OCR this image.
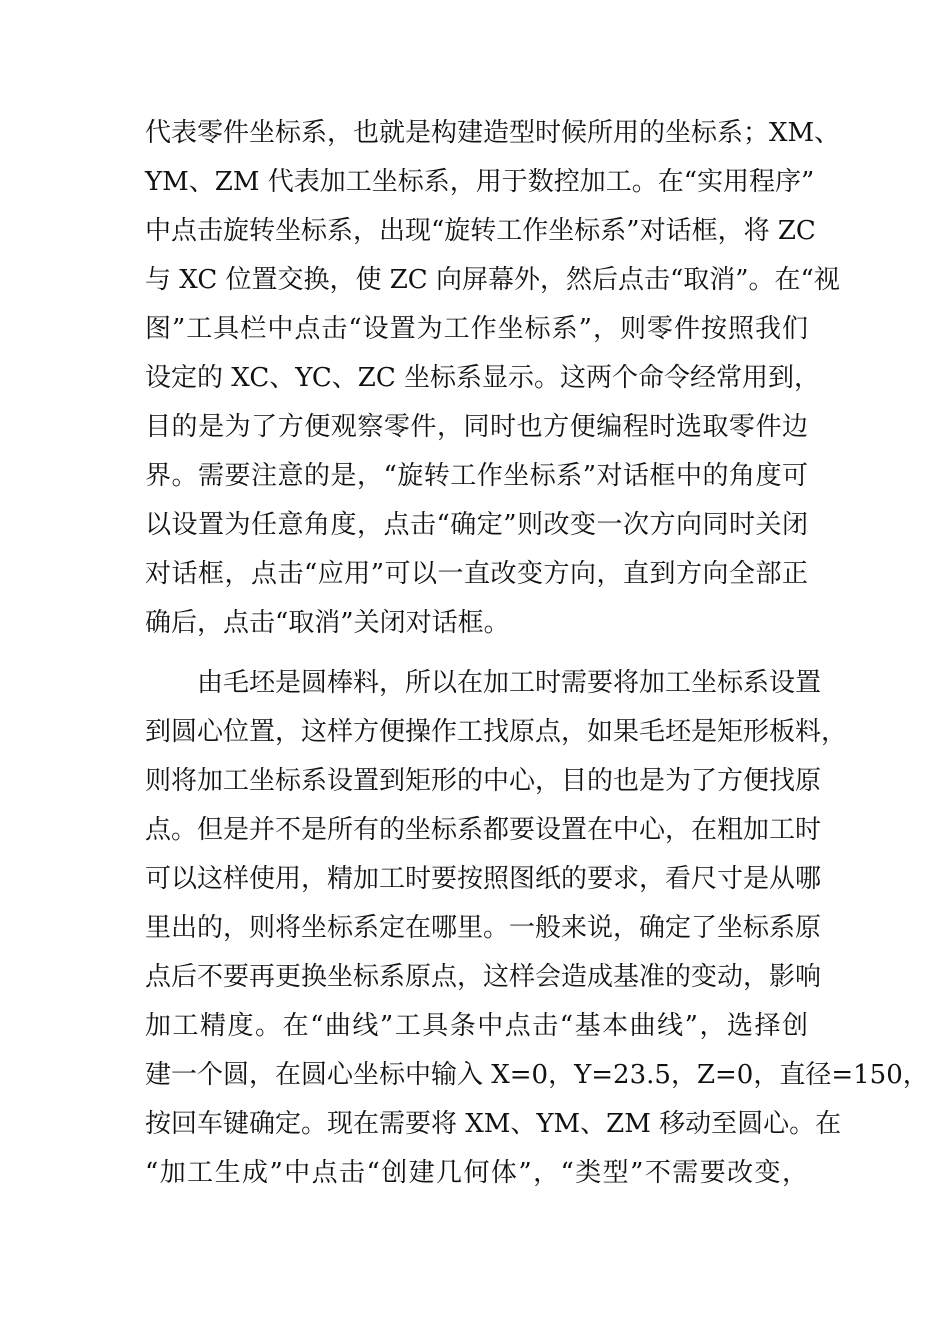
代表零件坐标系，也就是构建造型时候所用的坐标系；XM、
YM、ZM 代表加工坐标系，用于数控加工。在“实用程序”
中点击旋转坐标系，出现“旋转工作坐标系”对话框，将 ZC
与 XC 位置交换，使 ZC 向屏幕外，然后点击“取消”。在“视
图”工具栏中点击“设置为工作坐标系”，则零件按照我们
设定的 XC、YC、ZC 坐标系显示。这两个命令经常用到，
目的是为了方便观察零件，同时也方便编程时选取零件边
界。需要注意的是，“旋转工作坐标系”对话框中的角度可
以设置为任意角度，点击“确定”则改变一次方向同时关闭
对话框，点击“应用”可以一直改变方向，直到方向全部正
确后，点击“取消”关闭对话框。
由毛坯是圆棒料，所以在加工时需要将加工坐标系设置
到圆心位置，这样方便操作工找原点，如果毛坯是矩形板料，
则将加工坐标系设置到矩形的中心，目的也是为了方便找原
点。但是并不是所有的坐标系都要设置在中心，在粗加工时
可以这样使用，精加工时要按照图纸的要求，看尺寸是从哪
里出的，则将坐标系定在哪里。一般来说，确定了坐标系原
点后不要再更换坐标系原点，这样会造成基准的变动，影响
加工精度。在“曲线”工具条中点击“基本曲线”，选择创
建一个圆，在圆心坐标中输入 X=0，Y=23.5，Z=0，直径=150，
按回车键确定。现在需要将 XM、YM、ZM 移动至圆心。在
“加工生成”中点击“创建几何体”，“类型”不需要改变，
